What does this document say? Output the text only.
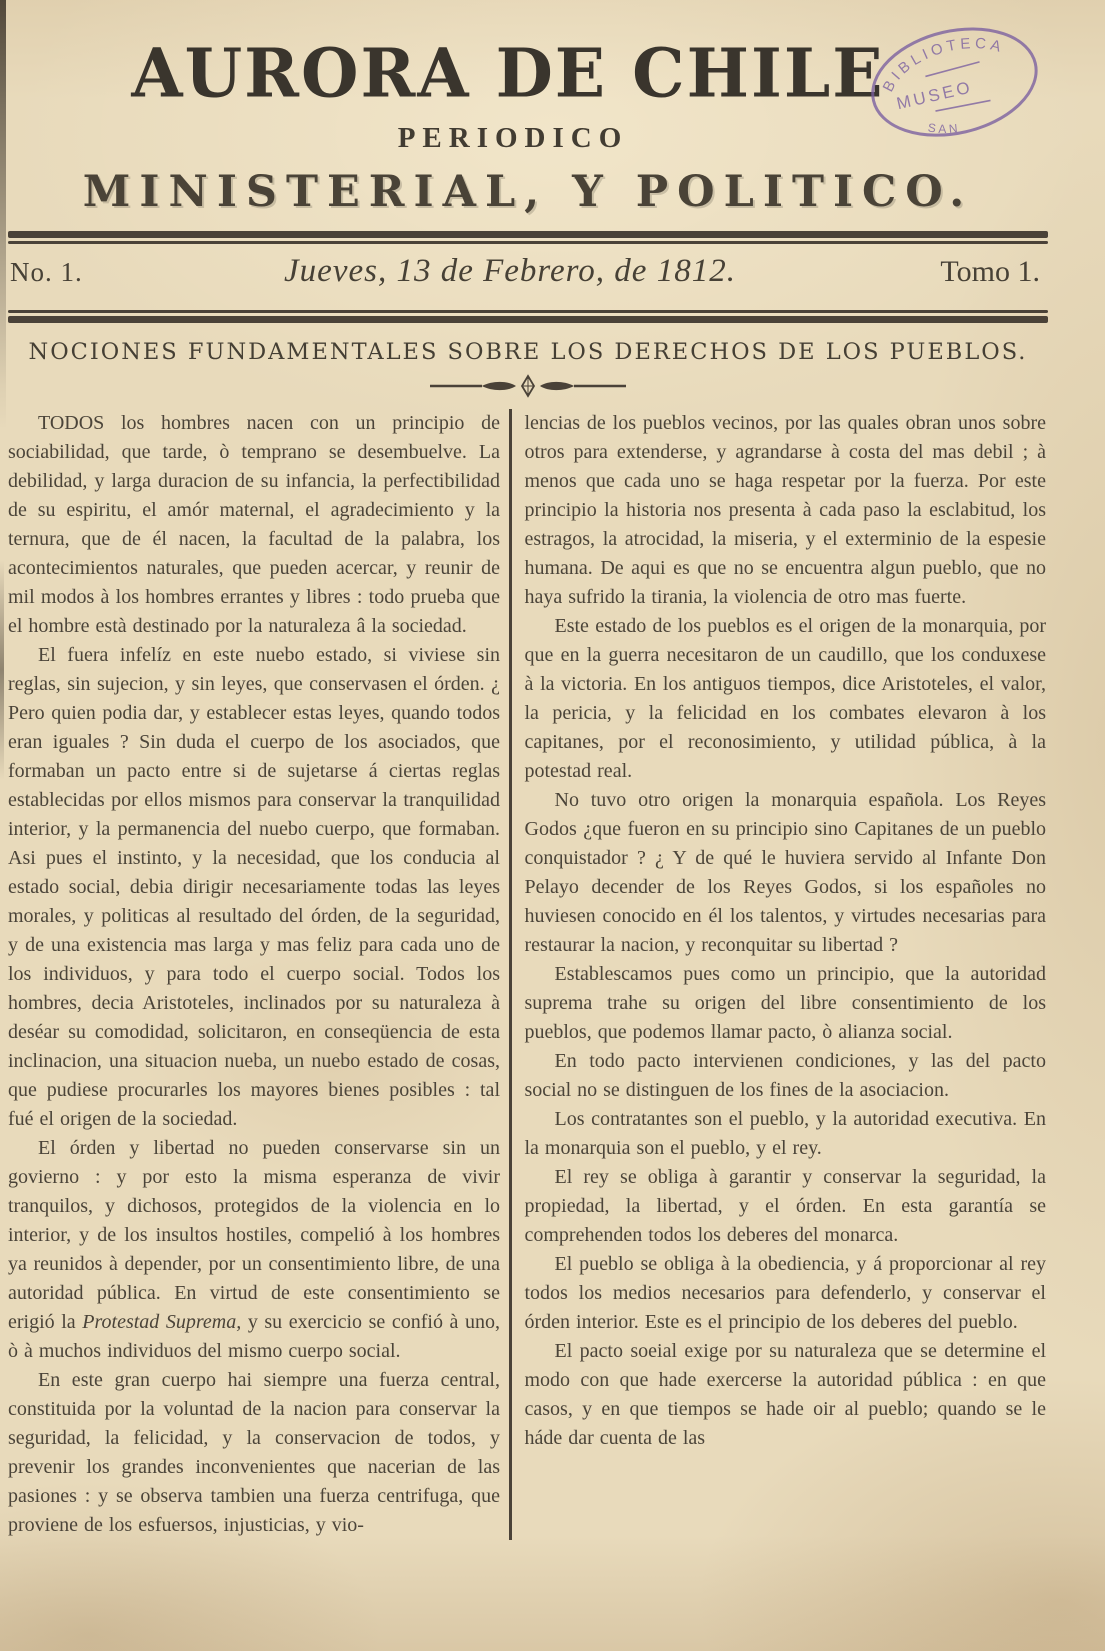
AURORA DE CHILE
PERIODICO
MINISTERIAL, Y POLITICO.
No. 1.	Jueves, 13 de Febrero, de 1812.	Tomo 1.
NOCIONES FUNDAMENTALES SOBRE LOS DERECHOS DE LOS PUEBLOS.

TODOS los hombres nacen con un principio de sociabilidad, que tarde, ò temprano se desembuelve. La debilidad, y larga duracion de su infancia, la perfectibilidad de su espiritu, el amór maternal, el agradecimiento y la ternura, que de él nacen, la facultad de la palabra, los acontecimientos naturales, que pueden acercar, y reunir de mil modos à los hombres errantes y libres : todo prueba que el hombre està destinado por la naturaleza â la sociedad.

El fuera infelíz en este nuebo estado, si viviese sin reglas, sin sujecion, y sin leyes, que conservasen el órden. ¿ Pero quien podia dar, y establecer estas leyes, quando todos eran iguales ? Sin duda el cuerpo de los asociados, que formaban un pacto entre si de sujetarse á ciertas reglas establecidas por ellos mismos para conservar la tranquilidad interior, y la permanencia del nuebo cuerpo, que formaban. Asi pues el instinto, y la necesidad, que los conducia al estado social, debia dirigir necesariamente todas las leyes morales, y politicas al resultado del órden, de la seguridad, y de una existencia mas larga y mas feliz para cada uno de los individuos, y para todo el cuerpo social. Todos los hombres, decia Aristoteles, inclinados por su naturaleza à deséar su comodidad, solicitaron, en conseqüencia de esta inclinacion, una situacion nueba, un nuebo estado de cosas, que pudiese procurarles los mayores bienes posibles : tal fué el origen de la sociedad.

El órden y libertad no pueden conservarse sin un govierno : y por esto la misma esperanza de vivir tranquilos, y dichosos, protegidos de la violencia en lo interior, y de los insultos hostiles, compelió à los hombres ya reunidos à depender, por un consentimiento libre, de una autoridad pública. En virtud de este consentimiento se erigió la Protestad Suprema, y su exercicio se confió à uno, ò à muchos individuos del mismo cuerpo social.

En este gran cuerpo hai siempre una fuerza central, constituida por la voluntad de la nacion para conservar la seguridad, la felicidad, y la conservacion de todos, y prevenir los grandes inconvenientes que nacerian de las pasiones : y se observa tambien una fuerza centrifuga, que proviene de los esfuersos, injusticias, y vio-

lencias de los pueblos vecinos, por las quales obran unos sobre otros para extenderse, y agrandarse à costa del mas debil ; à menos que cada uno se haga respetar por la fuerza. Por este principio la historia nos presenta à cada paso la esclabitud, los estragos, la atrocidad, la miseria, y el exterminio de la espesie humana. De aqui es que no se encuentra algun pueblo, que no haya sufrido la tirania, la violencia de otro mas fuerte.

Este estado de los pueblos es el origen de la monarquia, por que en la guerra necesitaron de un caudillo, que los conduxese à la victoria. En los antiguos tiempos, dice Aristoteles, el valor, la pericia, y la felicidad en los combates elevaron à los capitanes, por el reconosimiento, y utilidad pública, à la potestad real.

No tuvo otro origen la monarquia española. Los Reyes Godos ¿que fueron en su principio sino Capitanes de un pueblo conquistador ? ¿ Y de qué le huviera servido al Infante Don Pelayo decender de los Reyes Godos, si los españoles no huviesen conocido en él los talentos, y virtudes necesarias para restaurar la nacion, y reconquitar su libertad ?

Establescamos pues como un principio, que la autoridad suprema trahe su origen del libre consentimiento de los pueblos, que podemos llamar pacto, ò alianza social.

En todo pacto intervienen condiciones, y las del pacto social no se distinguen de los fines de la asociacion.

Los contratantes son el pueblo, y la autoridad executiva. En la monarquia son el pueblo, y el rey.

El rey se obliga à garantir y conservar la seguridad, la propiedad, la libertad, y el órden. En esta garantía se comprehenden todos los deberes del monarca.

El pueblo se obliga à la obediencia, y á proporcionar al rey todos los medios necesarios para defenderlo, y conservar el órden interior. Este es el principio de los deberes del pueblo.

El pacto soeial exige por su naturaleza que se determine el modo con que hade exercerse la autoridad pública : en que casos, y en que tiempos se hade oir al pueblo; quando se le háde dar cuenta de las

BIBLIOTECA
MUSEO
SAN
